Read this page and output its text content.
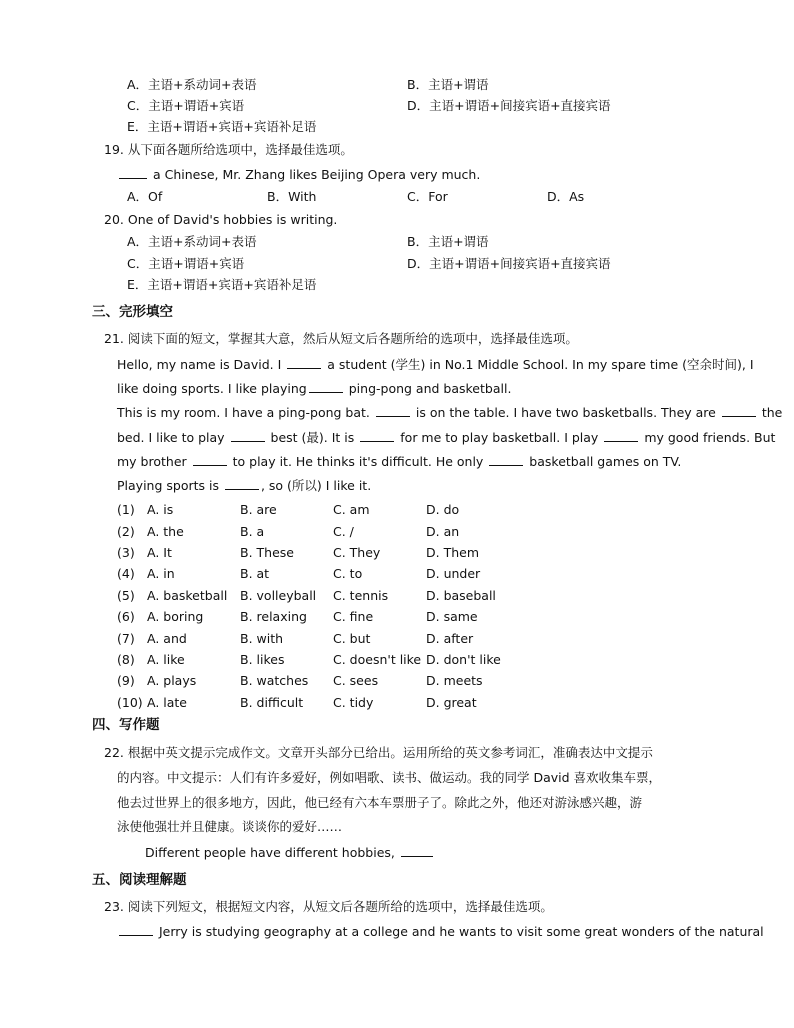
A．主语+系动词+表语	B．主语+谓语
C．主语+谓语+宾语	D．主语+谓语+间接宾语+直接宾语
E．主语+谓语+宾语+宾语补足语
19. 从下面各题所给选项中，选择最佳选项。
a Chinese, Mr. Zhang likes Beijing Opera very much.
A．Of	B．With	C．For	D．As
20. One of David's hobbies is writing.
A．主语+系动词+表语	B．主语+谓语
C．主语+谓语+宾语	D．主语+谓语+间接宾语+直接宾语
E．主语+谓语+宾语+宾语补足语
三、完形填空
21. 阅读下面的短文，掌握其大意，然后从短文后各题所给的选项中，选择最佳选项。
Hello, my name is David. I	a student (学生) in No.1 Middle School. In my spare time (空余时间), I
like doing sports. I like playing	ping-pong and basketball.
This is my room. I have a ping-pong bat.	is on the table. I have two basketballs. They are	the
bed. I like to play	best (最). It is	for me to play basketball. I play	my good friends. But
my brother	to play it. He thinks it's difficult. He only	basketball games on TV.
Playing sports is	, so (所以) I like it.
(1)	A. is	B. are	C. am	D. do
(2)	A. the	B. a	C. /	D. an
(3)	A. It	B. These	C. They	D. Them
(4)	A. in	B. at	C. to	D. under
(5)	A. basketball	B. volleyball	C. tennis	D. baseball
(6)	A. boring	B. relaxing	C. fine	D. same
(7)	A. and	B. with	C. but	D. after
(8)	A. like	B. likes	C. doesn't like	D. don't like
(9)	A. plays	B. watches	C. sees	D. meets
(10)	A. late	B. difficult	C. tidy	D. great
四、写作题
22. 根据中英文提示完成作文。文章开头部分已给出。运用所给的英文参考词汇，准确表达中文提示
的内容。中文提示：人们有许多爱好，例如唱歌、读书、做运动。我的同学 David 喜欢收集车票，
他去过世界上的很多地方，因此，他已经有六本车票册子了。除此之外，他还对游泳感兴趣，游
泳使他强壮并且健康。谈谈你的爱好……
Different people have different hobbies,
五、阅读理解题
23. 阅读下列短文，根据短文内容，从短文后各题所给的选项中，选择最佳选项。
Jerry is studying geography at a college and he wants to visit some great wonders of the natural
